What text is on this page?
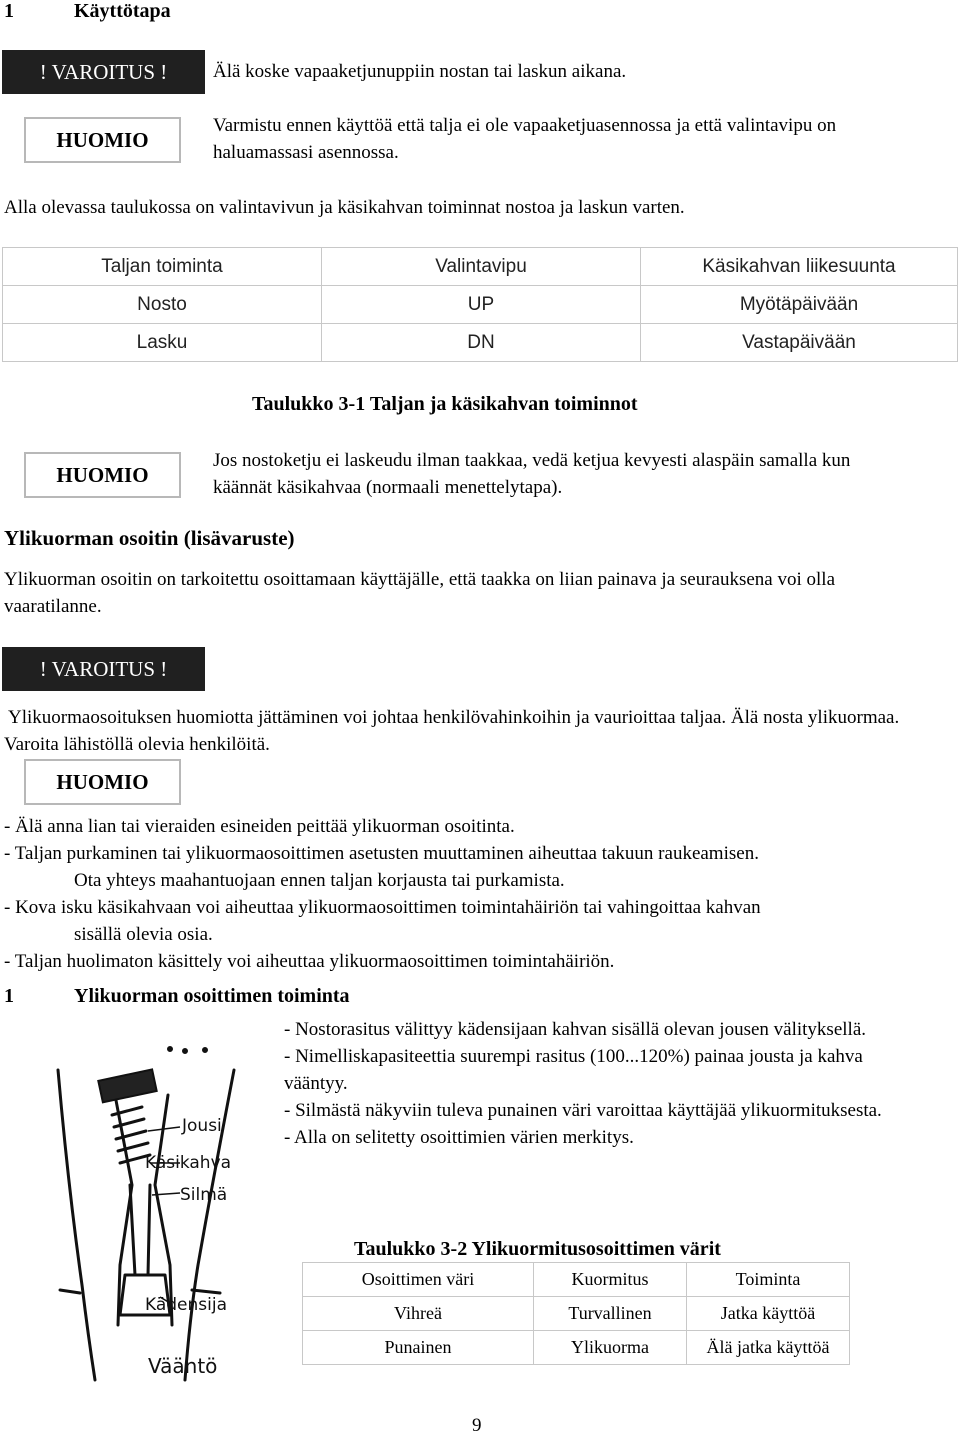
1	Käyttötapa
! VAROITUS !	Älä koske vapaaketjunuppiin nostan tai laskun aikana.
HUOMIO
Varmistu ennen käyttöä että talja ei ole vapaaketjuasennossa ja että valintavipu on haluamassasi asennossa.
Alla olevassa taulukossa on valintavivun ja käsikahvan toiminnat nostoa ja laskun varten.
Taljan toiminta	Valintavipu	Käsikahvan liikesuunta
Nosto	UP	Myötäpäivään
Lasku	DN	Vastapäivään
Taulukko 3-1 Taljan ja käsikahvan toiminnot
HUOMIO
Jos nostoketju ei laskeudu ilman taakkaa, vedä ketjua kevyesti alaspäin samalla kun käännät käsikahvaa (normaali menettelytapa).
Ylikuorman osoitin (lisävaruste)
Ylikuorman osoitin on tarkoitettu osoittamaan käyttäjälle, että taakka on liian painava ja seurauksena voi olla vaaratilanne.
! VAROITUS !
Ylikuormaosoituksen huomiotta jättäminen voi johtaa henkilövahinkoihin ja vaurioittaa taljaa. Älä nosta ylikuormaa. Varoita lähistöllä olevia henkilöitä.
HUOMIO

- Älä anna lian tai vieraiden esineiden peittää ylikuorman osoitinta.

- Taljan purkaminen tai ylikuormaosoittimen asetusten muuttaminen aiheuttaa takuun raukeamisen.

Ota yhteys maahantuojaan ennen taljan korjausta tai purkamista.

- Kova isku käsikahvaan voi aiheuttaa ylikuormaosoittimen toimintahäiriön tai vahingoittaa kahvan

sisällä olevia osia.

- Taljan huolimaton käsittely voi aiheuttaa ylikuormaosoittimen toimintahäiriön.

1	Ylikuorman osoittimen toiminta

- Nostorasitus välittyy kädensijaan kahvan sisällä olevan jousen välityksellä.

- Nimelliskapasiteettia suurempi rasitus (100...120%) painaa jousta ja kahva vääntyy.

- Silmästä näkyviin tuleva punainen väri varoittaa käyttäjää ylikuormituksesta.

- Alla on selitetty osoittimien värien merkitys.

Jousi
Käsikahva
Silmä
Kädensija
Vääntö
Taulukko 3-2 Ylikuormitusosoittimen värit
Osoittimen väri	Kuormitus	Toiminta
Vihreä	Turvallinen	Jatka käyttöä
Punainen	Ylikuorma	Älä jatka käyttöä
9
